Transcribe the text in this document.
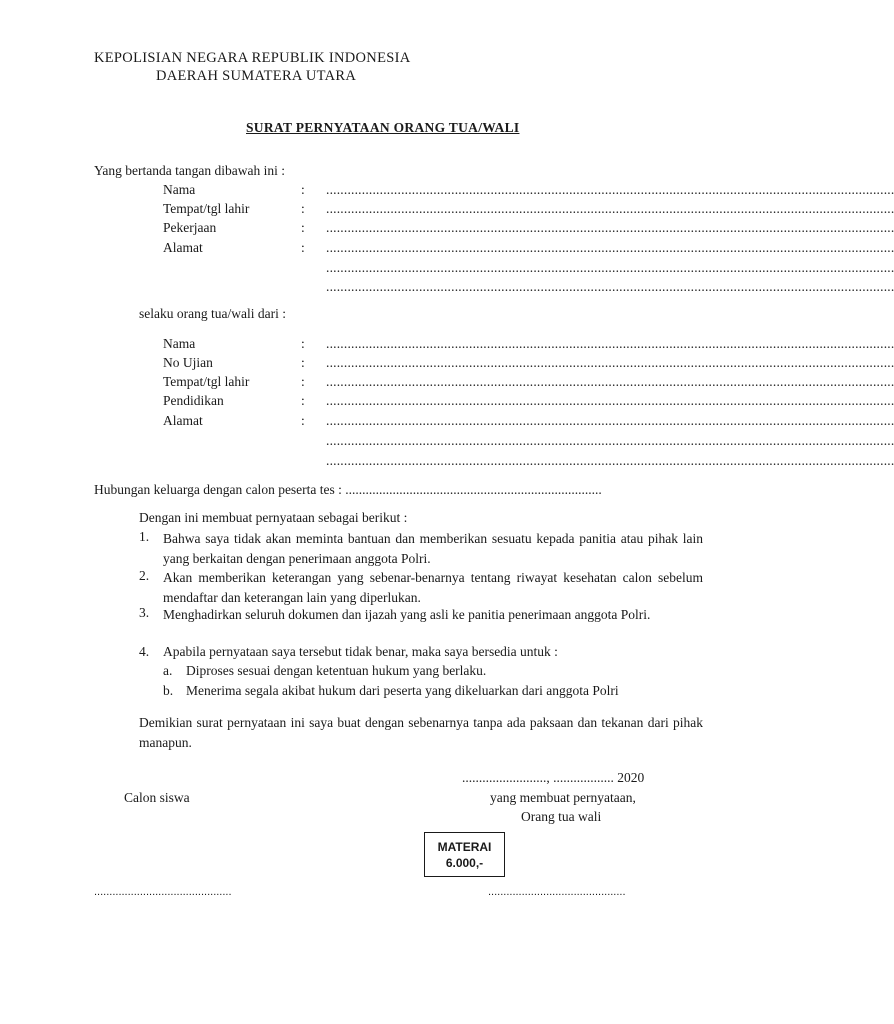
KEPOLISIAN NEGARA REPUBLIK INDONESIA
DAERAH SUMATERA UTARA
SURAT PERNYATAAN ORANG TUA/WALI
Yang bertanda tangan dibawah ini :
Nama	: ...............................................................................................................................................................
Tempat/tgl lahir	: ...............................................................................................................................................................
Pekerjaan	: ...............................................................................................................................................................
Alamat	: ...............................................................................................................................................................
...............................................................................................................................................................
...............................................................................................................................................................
selaku orang tua/wali dari :
Nama	: ...............................................................................................................................................................
No Ujian	: ...............................................................................................................................................................
Tempat/tgl lahir	: ...............................................................................................................................................................
Pendidikan	: ...............................................................................................................................................................
Alamat	: ...............................................................................................................................................................
...............................................................................................................................................................
...............................................................................................................................................................
Hubungan keluarga dengan calon peserta tes : ............................................................................
Dengan ini membuat pernyataan sebagai berikut :
1. Bahwa saya tidak akan meminta bantuan dan memberikan sesuatu kepada panitia atau pihak lain yang berkaitan dengan penerimaan anggota Polri.
2. Akan memberikan keterangan yang sebenar-benarnya tentang riwayat kesehatan calon sebelum mendaftar dan keterangan lain yang diperlukan.
3. Menghadirkan seluruh dokumen dan ijazah yang asli ke panitia penerimaan anggota Polri.
4. Apabila pernyataan saya tersebut tidak benar, maka saya bersedia untuk :
a. Diproses sesuai dengan ketentuan hukum yang berlaku.
b. Menerima segala akibat hukum dari peserta yang dikeluarkan dari anggota Polri
Demikian surat pernyataan ini saya buat dengan sebenarnya tanpa ada paksaan dan tekanan dari pihak manapun.
........................., .................. 2020
Calon siswa	yang membuat pernyataan,
Orang tua wali
MATERAI
6.000,-
.............................................	.............................................
